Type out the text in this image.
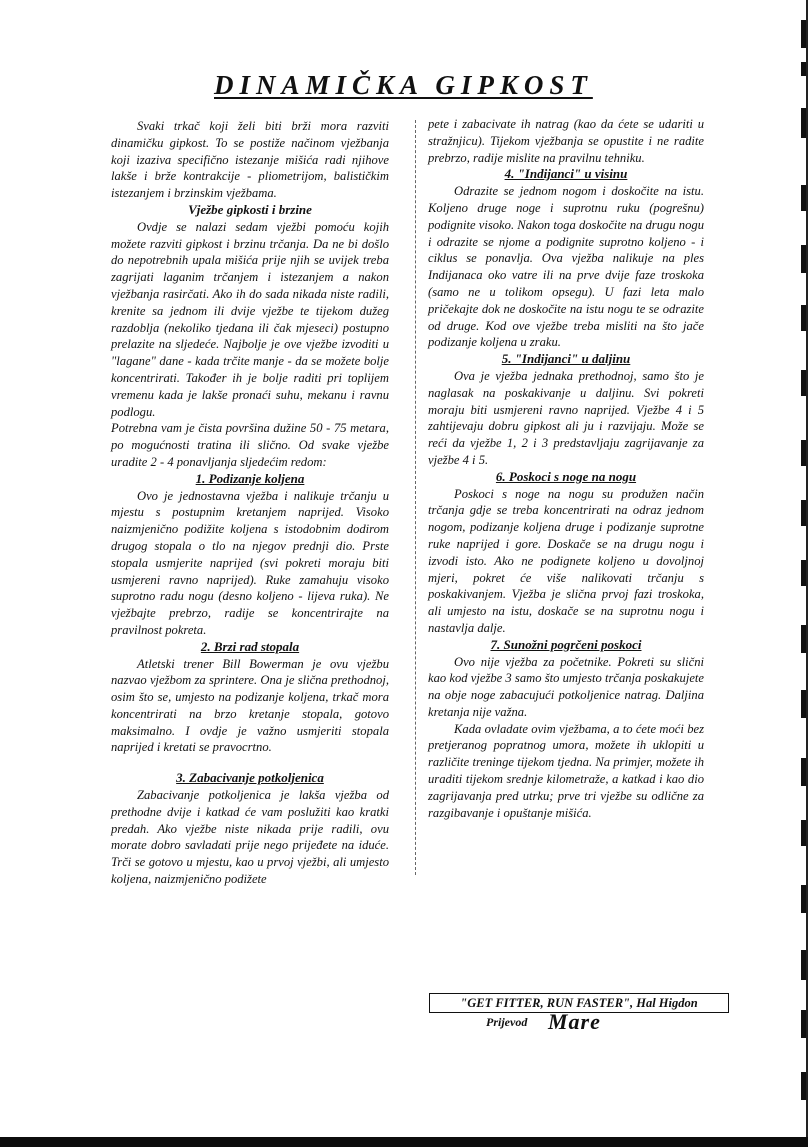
DINAMIČKA GIPKOST

Svaki trkač koji želi biti brži mora razviti dinamičku gipkost. To se postiže načinom vježbanja koji izaziva specifično istezanje mišića radi njihove lakše i brže kontrakcije - pliometrijom, balističkim istezanjem i brzinskim vježbama.

Vježbe gipkosti i brzine

Ovdje se nalazi sedam vježbi pomoću kojih možete razviti gipkost i brzinu trčanja. Da ne bi došlo do nepotrebnih upala mišića prije njih se uvijek treba zagrijati laganim trčanjem i istezanjem a nakon vježbanja rasirčati. Ako ih do sada nikada niste radili, krenite sa jednom ili dvije vježbe te tijekom dužeg razdoblja (nekoliko tjedana ili čak mjeseci) postupno prelazite na sljedeće. Najbolje je ove vježbe izvoditi u "lagane" dane - kada trčite manje - da se možete bolje koncentrirati. Također ih je bolje raditi pri toplijem vremenu kada je lakše pronaći suhu, mekanu i ravnu podlogu.

Potrebna vam je čista površina dužine 50 - 75 metara, po mogućnosti tratina ili slično. Od svake vježbe uradite 2 - 4 ponavljanja sljedećim redom:

1. Podizanje koljena

Ovo je jednostavna vježba i nalikuje trčanju u mjestu s postupnim kretanjem naprijed. Visoko naizmjenično podižite koljena s istodobnim dodirom drugog stopala o tlo na njegov prednji dio. Prste stopala usmjerite naprijed (svi pokreti moraju biti usmjereni ravno naprijed). Ruke zamahuju visoko suprotno radu nogu (desno koljeno - lijeva ruka). Ne vježbajte prebrzo, radije se koncentrirajte na pravilnost pokreta.

2. Brzi rad stopala

Atletski trener Bill Bowerman je ovu vježbu nazvao vježbom za sprintere. Ona je slična prethodnoj, osim što se, umjesto na podizanje koljena, trkač mora koncentrirati na brzo kretanje stopala, gotovo maksimalno. I ovdje je važno usmjeriti stopala naprijed i kretati se pravocrtno.

3. Zabacivanje potkoljenica

Zabacivanje potkoljenica je lakša vježba od prethodne dvije i katkad će vam poslužiti kao kratki predah. Ako vježbe niste nikada prije radili, ovu morate dobro savladati prije nego prijeđete na iduće. Trči se gotovo u mjestu, kao u prvoj vježbi, ali umjesto koljena, naizmjenično podižete

pete i zabacivate ih natrag (kao da ćete se udariti u stražnjicu). Tijekom vježbanja se opustite i ne radite prebrzo, radije mislite na pravilnu tehniku.

4. "Indijanci" u visinu

Odrazite se jednom nogom i doskočite na istu. Koljeno druge noge i suprotnu ruku (pogrešnu) podignite visoko. Nakon toga doskočite na drugu nogu i odrazite se njome a podignite suprotno koljeno - i ciklus se ponavlja. Ova vježba nalikuje na ples Indijanaca oko vatre ili na prve dvije faze troskoka (samo ne u tolikom opsegu). U fazi leta malo pričekajte dok ne doskočite na istu nogu te se odrazite od druge. Kod ove vježbe treba misliti na što jače podizanje koljena u zraku.

5. "Indijanci" u daljinu

Ova je vježba jednaka prethodnoj, samo što je naglasak na poskakivanje u daljinu. Svi pokreti moraju biti usmjereni ravno naprijed. Vježbe 4 i 5 zahtijevaju dobru gipkost ali ju i razvijaju. Može se reći da vježbe 1, 2 i 3 predstavljaju zagrijavanje za vježbe 4 i 5.

6. Poskoci s noge na nogu

Poskoci s noge na nogu su produžen način trčanja gdje se treba koncentrirati na odraz jednom nogom, podizanje koljena druge i podizanje suprotne ruke naprijed i gore. Doskače se na drugu nogu i izvodi isto. Ako ne podignete koljeno u dovoljnoj mjeri, pokret će više nalikovati trčanju s poskakivanjem. Vježba je slična prvoj fazi troskoka, ali umjesto na istu, doskače se na suprotnu nogu i nastavlja dalje.

7. Sunožni pogrčeni poskoci

Ovo nije vježba za početnike. Pokreti su slični kao kod vježbe 3 samo što umjesto trčanja poskakujete na obje noge zabacujući potkoljenice natrag. Daljina kretanja nije važna.

Kada ovladate ovim vježbama, a to ćete moći bez pretjeranog popratnog umora, možete ih uklopiti u različite treninge tijekom tjedna. Na primjer, možete ih uraditi tijekom srednje kilometraže, a katkad i kao dio zagrijavanja pred utrku; prve tri vježbe su odlične za razgibavanje i opuštanje mišića.

"GET FITTER, RUN FASTER", Hal Higdon
Prijevod Mare
